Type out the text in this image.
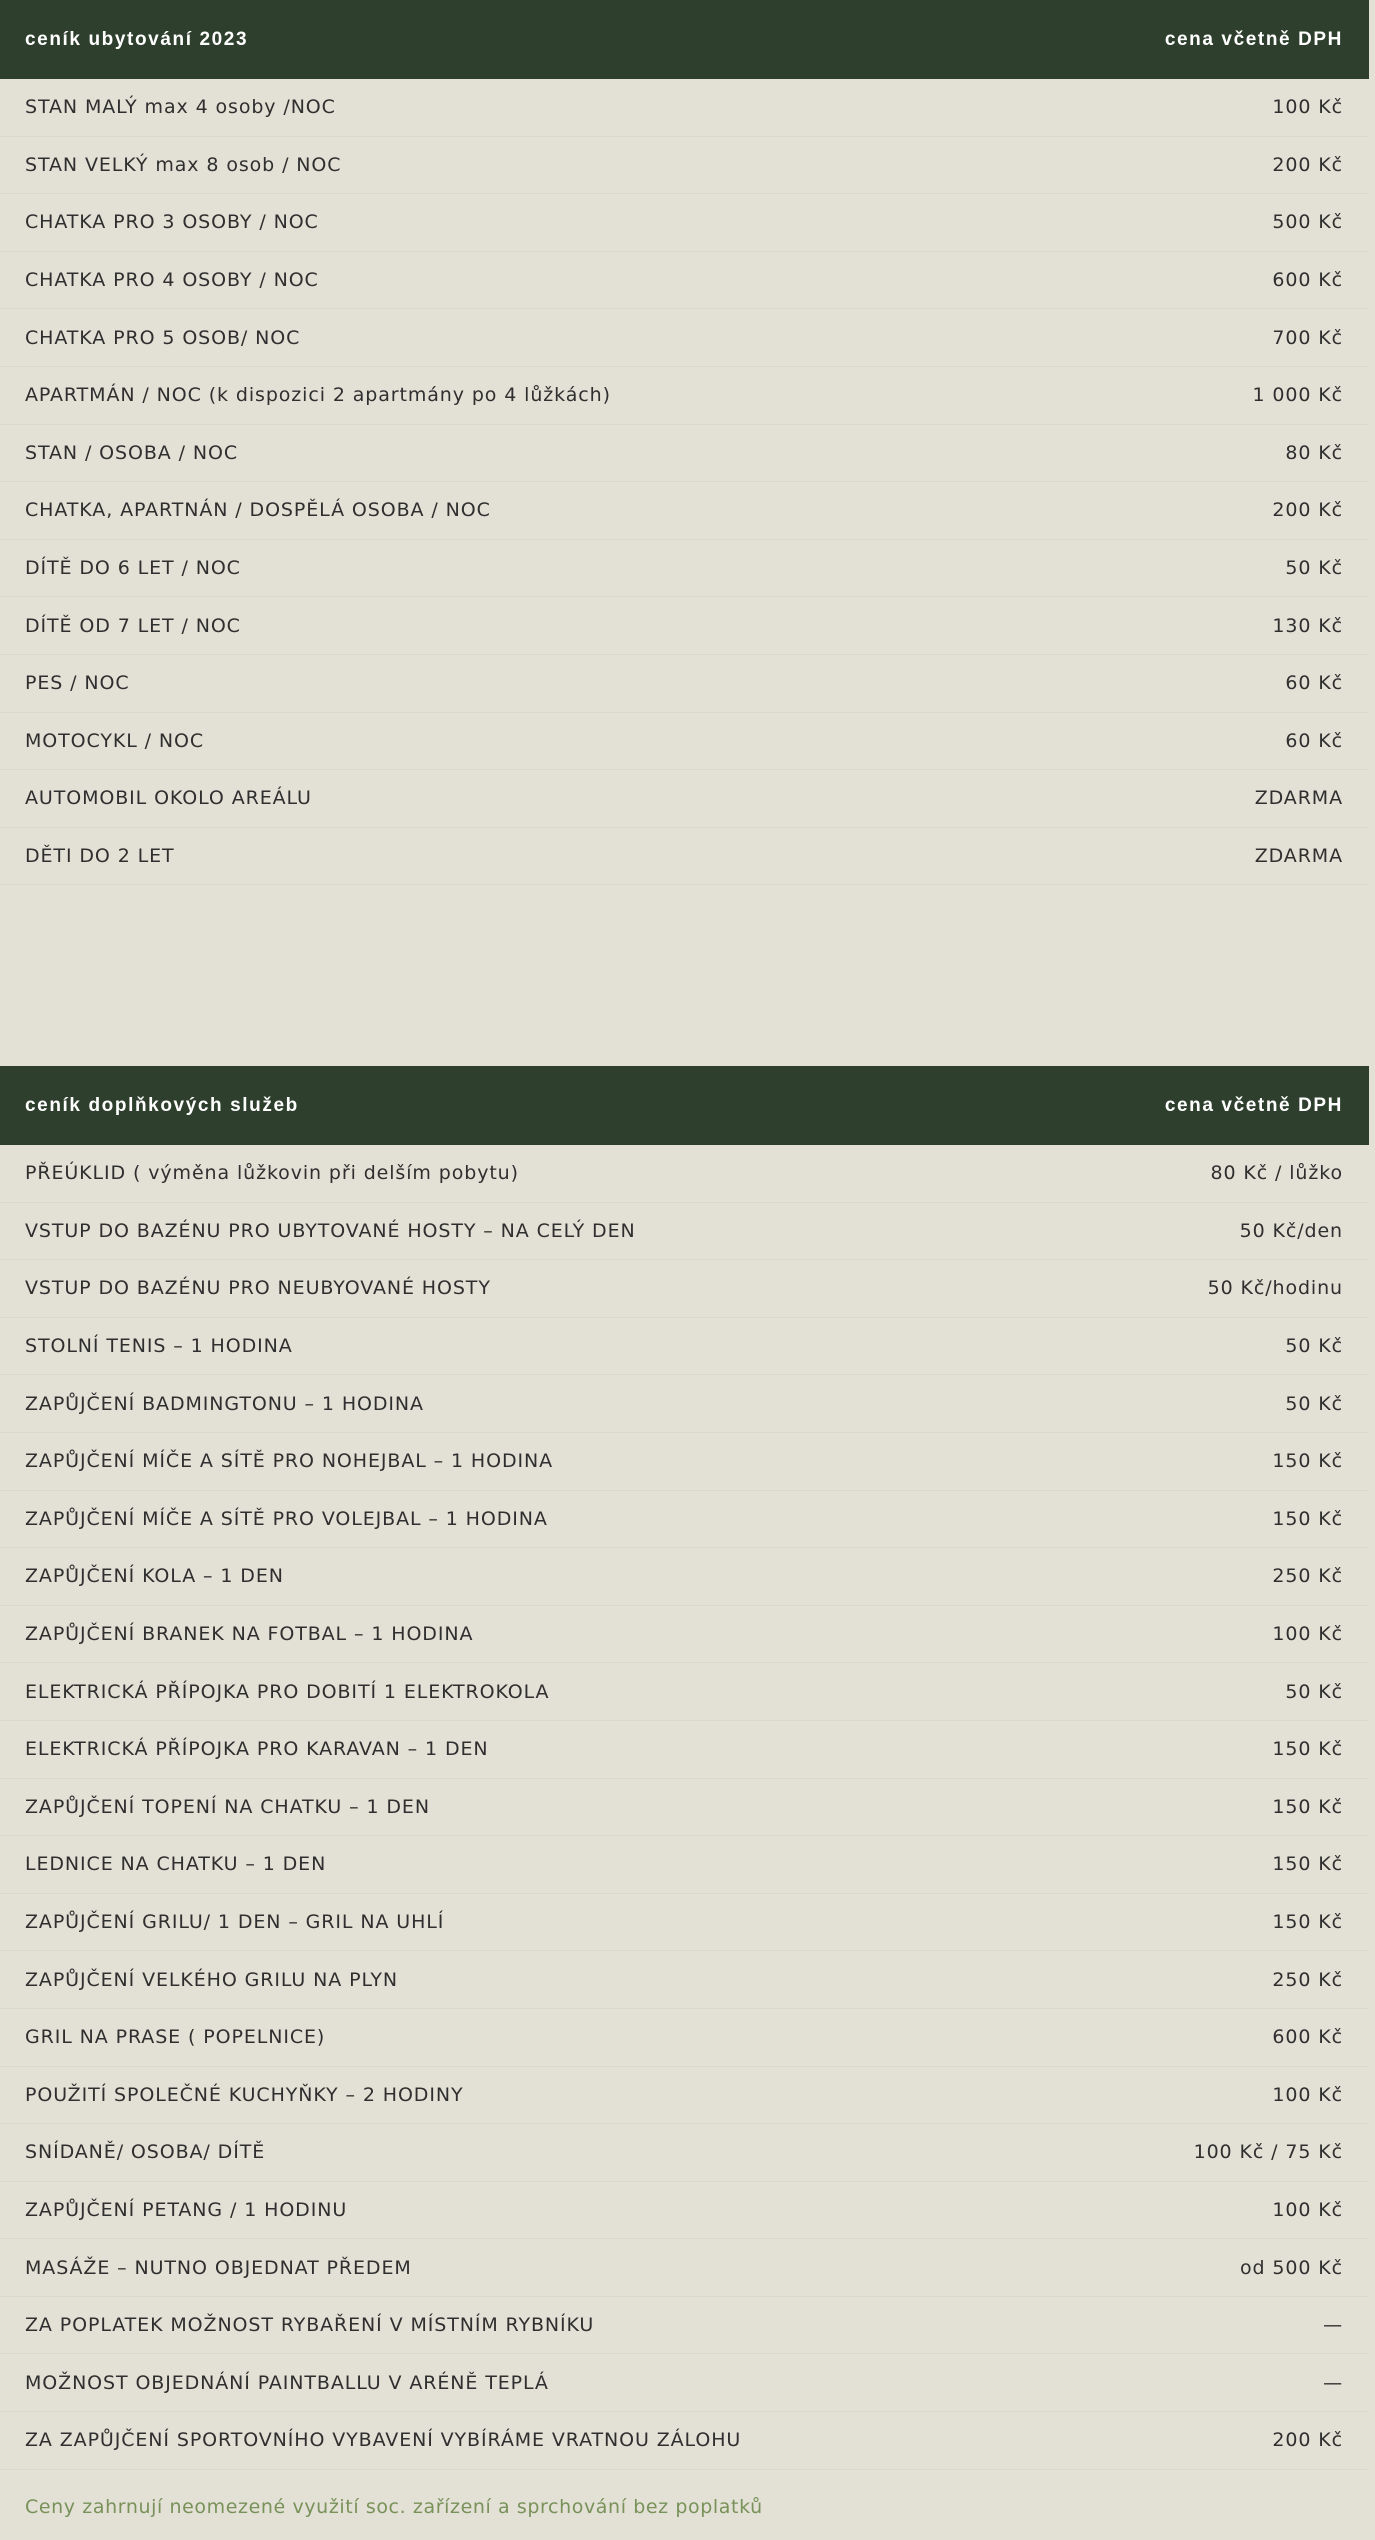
ceník ubytování 2023	cena včetně DPH
STAN MALÝ max 4 osoby /NOC	100 Kč
STAN VELKÝ max 8 osob / NOC	200 Kč
CHATKA PRO 3 OSOBY / NOC	500 Kč
CHATKA PRO 4 OSOBY / NOC	600 Kč
CHATKA PRO 5 OSOB/ NOC	700 Kč
APARTMÁN / NOC (k dispozici 2 apartmány po 4 lůžkách)	1 000 Kč
STAN / OSOBA / NOC	80 Kč
CHATKA, APARTNÁN / DOSPĚLÁ OSOBA / NOC	200 Kč
DÍTĚ DO 6 LET / NOC	50 Kč
DÍTĚ OD 7 LET / NOC	130 Kč
PES / NOC	60 Kč
MOTOCYKL / NOC	60 Kč
AUTOMOBIL OKOLO AREÁLU	ZDARMA
DĚTI DO 2 LET	ZDARMA
ceník doplňkových služeb	cena včetně DPH
PŘEÚKLID ( výměna lůžkovin při delším pobytu)	80 Kč / lůžko
VSTUP DO BAZÉNU PRO UBYTOVANÉ HOSTY – NA CELÝ DEN	50 Kč/den
VSTUP DO BAZÉNU PRO NEUBYOVANÉ HOSTY	50 Kč/hodinu
STOLNÍ TENIS – 1 HODINA	50 Kč
ZAPŮJČENÍ BADMINGTONU – 1 HODINA	50 Kč
ZAPŮJČENÍ MÍČE A SÍTĚ PRO NOHEJBAL – 1 HODINA	150 Kč
ZAPŮJČENÍ MÍČE A SÍTĚ PRO VOLEJBAL – 1 HODINA	150 Kč
ZAPŮJČENÍ KOLA – 1 DEN	250 Kč
ZAPŮJČENÍ BRANEK NA FOTBAL – 1 HODINA	100 Kč
ELEKTRICKÁ PŘÍPOJKA PRO DOBITÍ 1 ELEKTROKOLA	50 Kč
ELEKTRICKÁ PŘÍPOJKA PRO KARAVAN – 1 DEN	150 Kč
ZAPŮJČENÍ TOPENÍ NA CHATKU – 1 DEN	150 Kč
LEDNICE NA CHATKU – 1 DEN	150 Kč
ZAPŮJČENÍ GRILU/ 1 DEN – GRIL NA UHLÍ	150 Kč
ZAPŮJČENÍ VELKÉHO GRILU NA PLYN	250 Kč
GRIL NA PRASE ( POPELNICE)	600 Kč
POUŽITÍ SPOLEČNÉ KUCHYŇKY – 2 HODINY	100 Kč
SNÍDANĚ/ OSOBA/ DÍTĚ	100 Kč / 75 Kč
ZAPŮJČENÍ PETANG / 1 HODINU	100 Kč
MASÁŽE – NUTNO OBJEDNAT PŘEDEM	od 500 Kč
ZA POPLATEK MOŽNOST RYBAŘENÍ V MÍSTNÍM RYBNÍKU	—
MOŽNOST OBJEDNÁNÍ PAINTBALLU V ARÉNĚ TEPLÁ	—
ZA ZAPŮJČENÍ SPORTOVNÍHO VYBAVENÍ VYBÍRÁME VRATNOU ZÁLOHU	200 Kč
Ceny zahrnují neomezené využití soc. zařízení a sprchování bez poplatků
